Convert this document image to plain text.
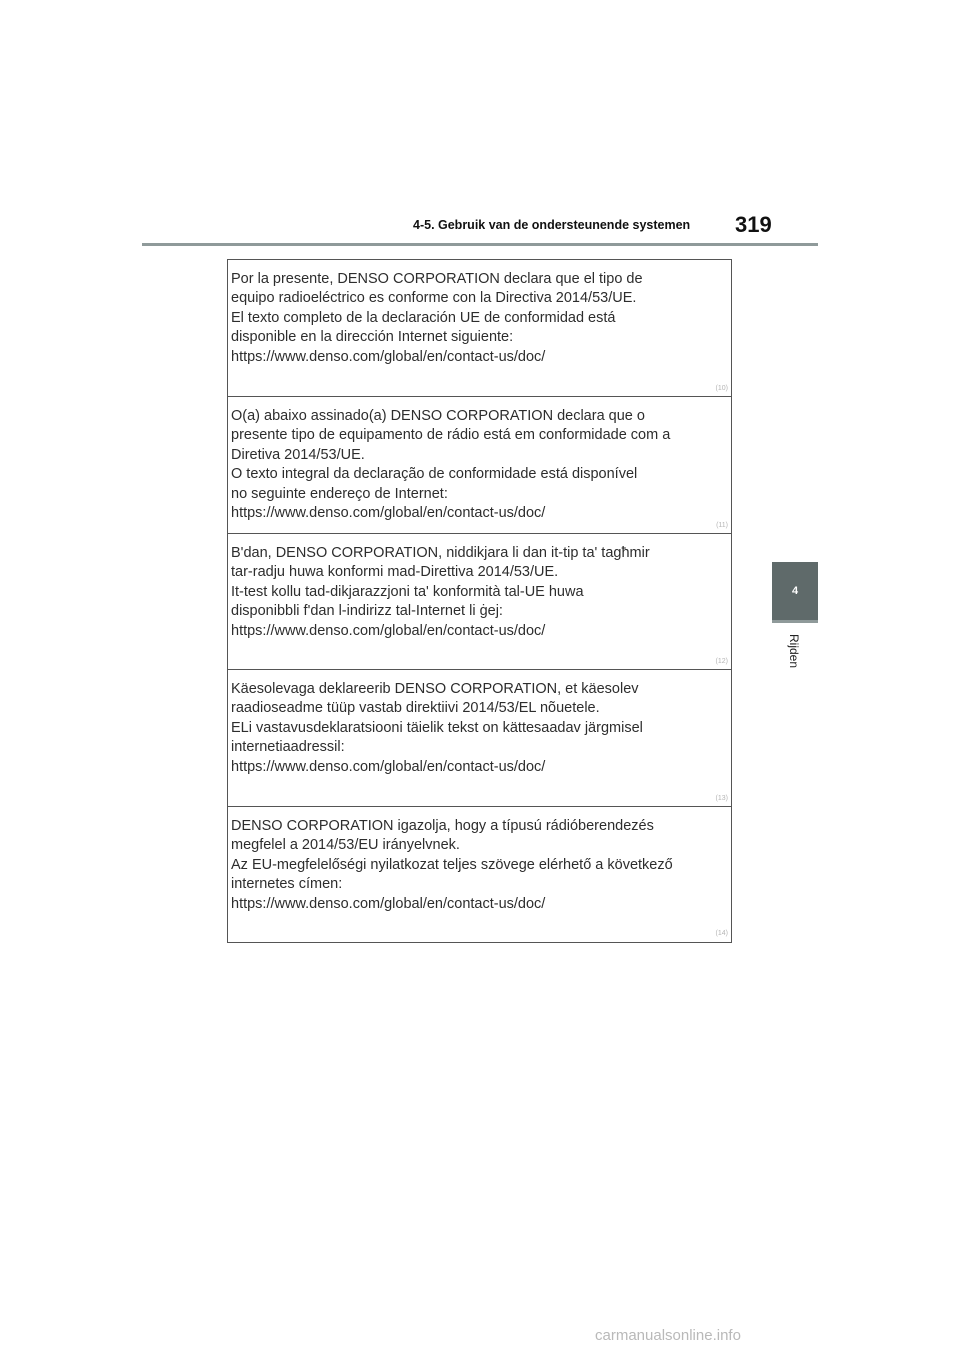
4-5. Gebruik van de ondersteunende systemen 319
4
Rijden

Por la presente, DENSO CORPORATION declara que el tipo de

equipo radioeléctrico es conforme con la Directiva 2014/53/UE.

El texto completo de la declaración UE de conformidad está

disponible en la dirección Internet siguiente:

https://www.denso.com/global/en/contact-us/doc/

(10)

O(a) abaixo assinado(a) DENSO CORPORATION declara que o

presente tipo de equipamento de rádio está em conformidade com a

Diretiva 2014/53/UE.

O texto integral da declaração de conformidade está disponível

no seguinte endereço de Internet:

https://www.denso.com/global/en/contact-us/doc/

(11)

B'dan, DENSO CORPORATION, niddikjara li dan it-tip ta' tagħmir

tar-radju huwa konformi mad-Direttiva 2014/53/UE.

It-test kollu tad-dikjarazzjoni ta' konformità tal-UE huwa

disponibbli f'dan l-indirizz tal-Internet li ġej:

https://www.denso.com/global/en/contact-us/doc/

(12)

Käesolevaga deklareerib DENSO CORPORATION, et käesolev

raadioseadme tüüp vastab direktiivi 2014/53/EL nõuetele.

ELi vastavusdeklaratsiooni täielik tekst on kättesaadav järgmisel

internetiaadressil:

https://www.denso.com/global/en/contact-us/doc/

(13)

DENSO CORPORATION igazolja, hogy a típusú rádióberendezés

megfelel a 2014/53/EU irányelvnek.

Az EU-megfelelőségi nyilatkozat teljes szövege elérhető a következő

internetes címen:

https://www.denso.com/global/en/contact-us/doc/

(14)
carmanualsonline.info
